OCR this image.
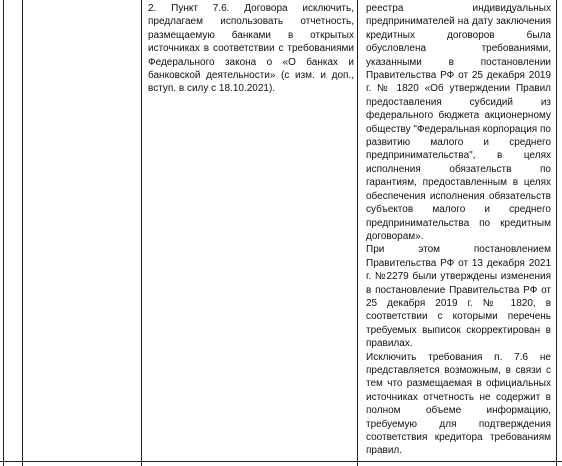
2. Пункт 7.6. Договора исключить, предлагаем использовать отчетность, размещаемую банками в открытых источниках в соответствии с требованиями Федерального закона о «О банках и банковской деятельности» (с изм. и доп., вступ. в силу с 18.10.2021).

реестра индивидуальных предпринимателей на дату заключения кредитных договоров была обусловлена требованиями, указанными в постановлении Правительства РФ от 25 декабря 2019 г. № 1820 «Об утверждении Правил предоставления субсидий из федерального бюджета акционерному обществу "Федеральная корпорация по развитию малого и среднего предпринимательства", в целях исполнения обязательств по гарантиям, предоставленным в целях обеспечения исполнения обязательств субъектов малого и среднего предпринимательства по кредитным договорам».

При этом постановлением Правительства РФ от 13 декабря 2021 г. №2279 были утверждены изменения в постановление Правительства РФ от 25 декабря 2019 г. № 1820, в соответствии с которыми перечень требуемых выписок скорректирован в правилах.

Исключить требования п. 7.6 не представляется возможным, в связи с тем что размещаемая в официальных источниках отчетность не содержит в полном объеме информацию, требуемую для подтверждения соответствия кредитора требованиям правил.
